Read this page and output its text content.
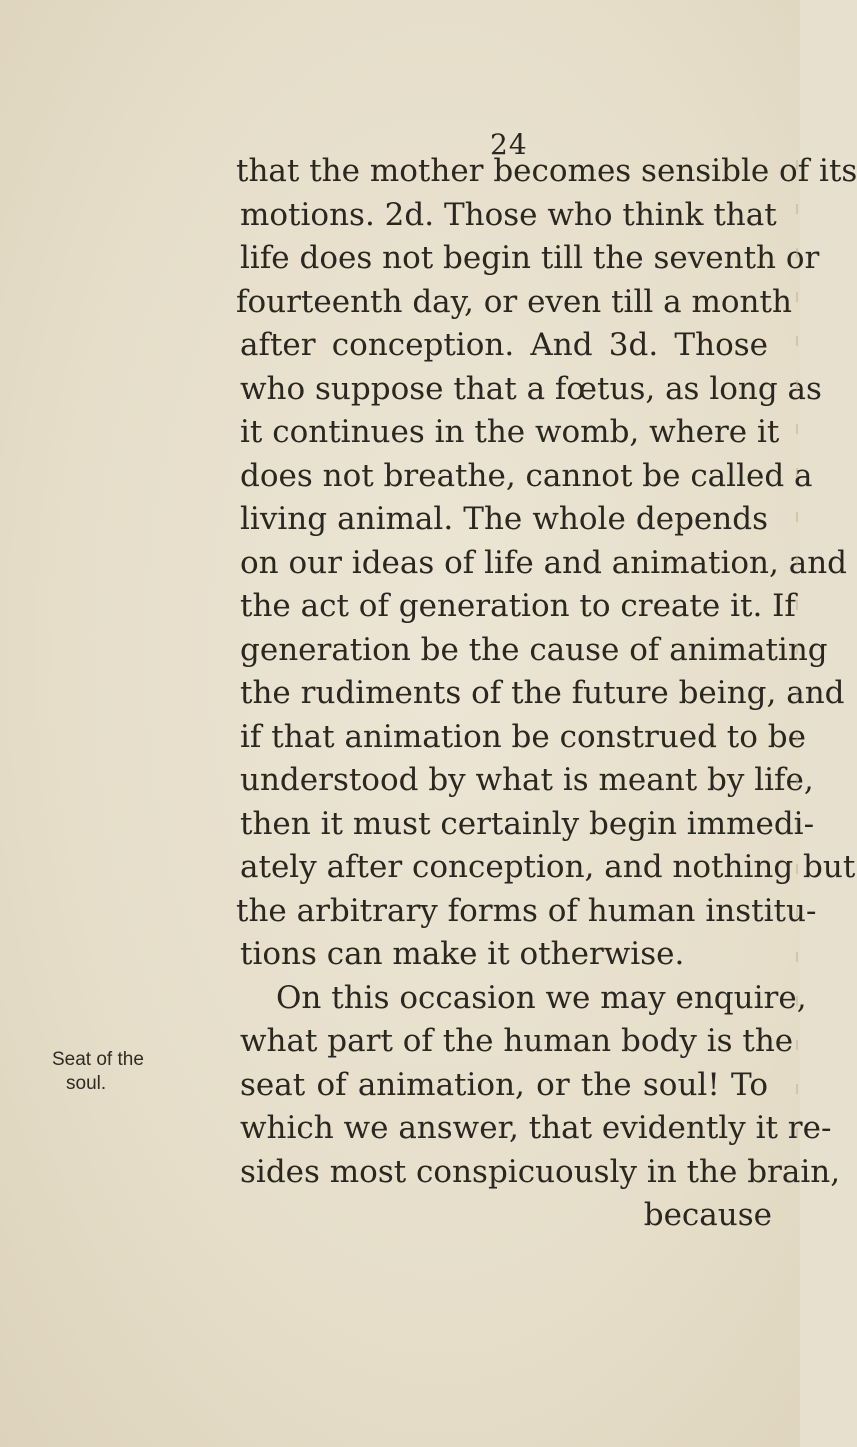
24
that the mother becomes sensible of its
motions. 2d. Those who think that
life does not begin till the seventh or
fourteenth day, or even till a month
after conception. And 3d. Those
who suppose that a fœtus, as long as
it continues in the womb, where it
does not breathe, cannot be called a
living animal. The whole depends
on our ideas of life and animation, and
the act of generation to create it. If
generation be the cause of animating
the rudiments of the future being, and
if that animation be construed to be
understood by what is meant by life,
then it must certainly begin immedi-
ately after conception, and nothing but
the arbitrary forms of human institu-
tions can make it otherwise.
On this occasion we may enquire,
what part of the human body is the
seat of animation, or the soul! To
which we answer, that evidently it re-
sides most conspicuously in the brain,
because
Seat of the
soul.
